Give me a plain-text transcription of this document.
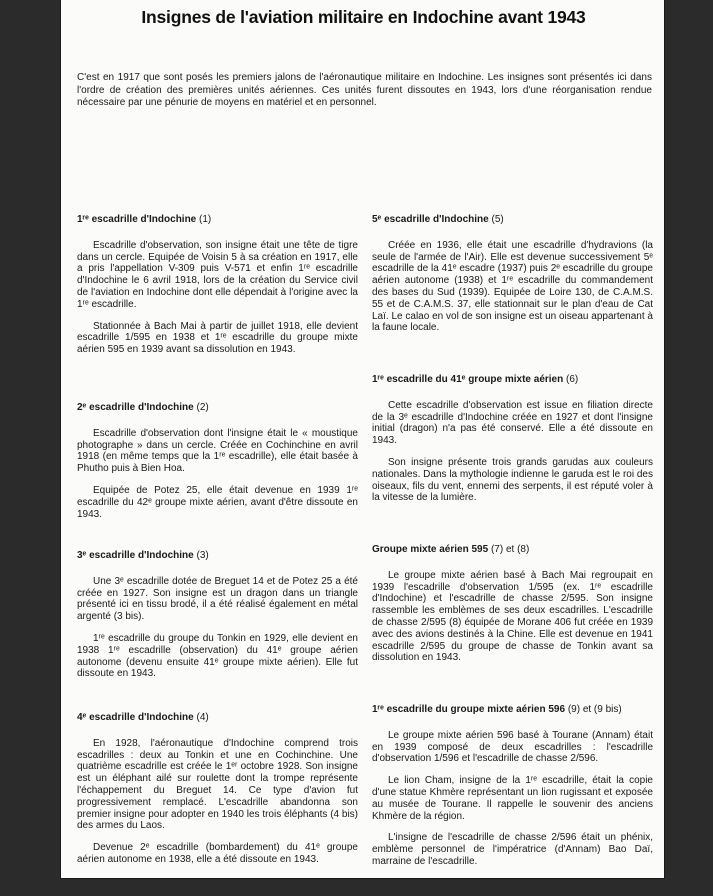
Insignes de l'aviation militaire en Indochine avant 1943
C'est en 1917 que sont posés les premiers jalons de l'aéronautique militaire en Indochine. Les insignes sont présentés ici dans l'ordre de création des premières unités aériennes. Ces unités furent dissoutes en 1943, lors d'une réorganisation rendue nécessaire par une pénurie de moyens en matériel et en personnel.
1ʳᵉ escadrille d'Indochine (1)

Escadrille d'observation, son insigne était une tête de tigre dans un cercle. Equipée de Voisin 5 à sa création en 1917, elle a pris l'appellation V-309 puis V-571 et enfin 1ʳᵉ escadrille d'Indochine le 6 avril 1918, lors de la création du Service civil de l'aviation en Indochine dont elle dépendait à l'origine avec la 1ʳᵉ escadrille.

Stationnée à Bach Mai à partir de juillet 1918, elle devient escadrille 1/595 en 1938 et 1ʳᵉ escadrille du groupe mixte aérien 595 en 1939 avant sa dissolution en 1943.

2ᵉ escadrille d'Indochine (2)

Escadrille d'observation dont l'insigne était le « moustique photographe » dans un cercle. Créée en Cochinchine en avril 1918 (en même temps que la 1ʳᵉ escadrille), elle était basée à Phutho puis à Bien Hoa.

Equipée de Potez 25, elle était devenue en 1939 1ʳᵉ escadrille du 42ᵉ groupe mixte aérien, avant d'être dissoute en 1943.

3ᵉ escadrille d'Indochine (3)

Une 3ᵉ escadrille dotée de Breguet 14 et de Potez 25 a été créée en 1927. Son insigne est un dragon dans un triangle présenté ici en tissu brodé, il a été réalisé également en métal argenté (3 bis).

1ʳᵉ escadrille du groupe du Tonkin en 1929, elle devient en 1938 1ʳᵉ escadrille (observation) du 41ᵉ groupe aérien autonome (devenu ensuite 41ᵉ groupe mixte aérien). Elle fut dissoute en 1943.

4ᵉ escadrille d'Indochine (4)

En 1928, l'aéronautique d'Indochine comprend trois escadrilles : deux au Tonkin et une en Cochinchine. Une quatrième escadrille est créée le 1ᵉʳ octobre 1928. Son insigne est un éléphant ailé sur roulette dont la trompe représente l'échappement du Breguet 14. Ce type d'avion fut progressivement remplacé. L'escadrille abandonna son premier insigne pour adopter en 1940 les trois éléphants (4 bis) des armes du Laos.

Devenue 2ᵉ escadrille (bombardement) du 41ᵉ groupe aérien autonome en 1938, elle a été dissoute en 1943.

5ᵉ escadrille d'Indochine (5)

Créée en 1936, elle était une escadrille d'hydravions (la seule de l'armée de l'Air). Elle est devenue successivement 5ᵉ escadrille de la 41ᵉ escadre (1937) puis 2ᵉ escadrille du groupe aérien autonome (1938) et 1ʳᵉ escadrille du commandement des bases du Sud (1939). Equipée de Loire 130, de C.A.M.S. 55 et de C.A.M.S. 37, elle stationnait sur le plan d'eau de Cat Laï. Le calao en vol de son insigne est un oiseau appartenant à la faune locale.

1ʳᵉ escadrille du 41ᵉ groupe mixte aérien (6)

Cette escadrille d'observation est issue en filiation directe de la 3ᵉ escadrille d'Indochine créée en 1927 et dont l'insigne initial (dragon) n'a pas été conservé. Elle a été dissoute en 1943.

Son insigne présente trois grands garudas aux couleurs nationales. Dans la mythologie indienne le garuda est le roi des oiseaux, fils du vent, ennemi des serpents, il est réputé voler à la vitesse de la lumière.

Groupe mixte aérien 595 (7) et (8)

Le groupe mixte aérien basé à Bach Mai regroupait en 1939 l'escadrille d'observation 1/595 (ex. 1ʳᵉ escadrille d'Indochine) et l'escadrille de chasse 2/595. Son insigne rassemble les emblèmes de ses deux escadrilles. L'escadrille de chasse 2/595 (8) équipée de Morane 406 fut créée en 1939 avec des avions destinés à la Chine. Elle est devenue en 1941 escadrille 2/595 du groupe de chasse de Tonkin avant sa dissolution en 1943.

1ʳᵉ escadrille du groupe mixte aérien 596 (9) et (9 bis)

Le groupe mixte aérien 596 basé à Tourane (Annam) était en 1939 composé de deux escadrilles : l'escadrille d'observation 1/596 et l'escadrille de chasse 2/596.

Le lion Cham, insigne de la 1ʳᵉ escadrille, était la copie d'une statue Khmère représentant un lion rugissant et exposée au musée de Tourane. Il rappelle le souvenir des anciens Khmère de la région.

L'insigne de l'escadrille de chasse 2/596 était un phénix, emblème personnel de l'impératrice (d'Annam) Bao Daï, marraine de l'escadrille.
